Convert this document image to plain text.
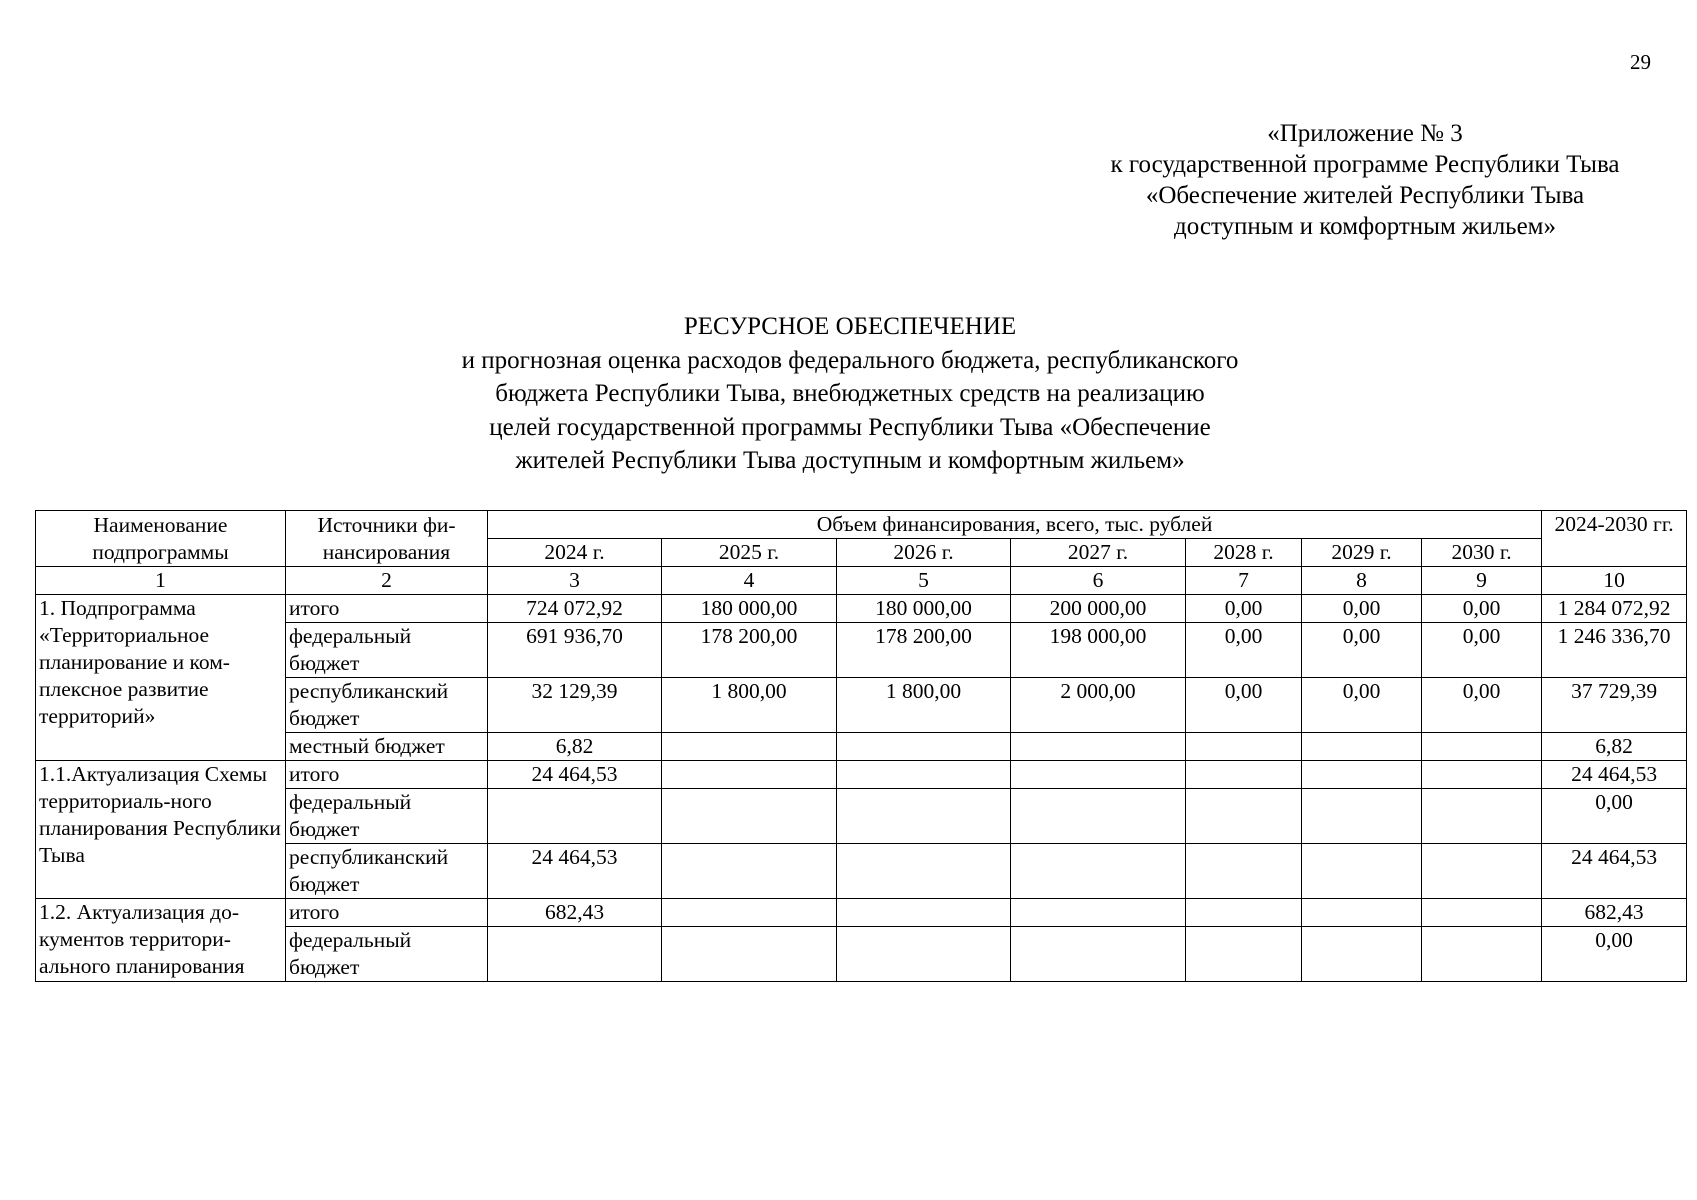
29
«Приложение № 3
к государственной программе Республики Тыва
«Обеспечение жителей Республики Тыва
доступным и комфортным жильем»
РЕСУРСНОЕ ОБЕСПЕЧЕНИЕ
и прогнозная оценка расходов федерального бюджета, республиканского
бюджета Республики Тыва, внебюджетных средств на реализацию
целей государственной программы Республики Тыва «Обеспечение
жителей Республики Тыва доступным и комфортным жильем»
Наименование подпрограммы	Источники фи-нансирования	Объем финансирования, всего, тыс. рублей							2024-2030 гг.
		2024 г.	2025 г.	2026 г.	2027 г.	2028 г.	2029 г.	2030 г.	
1	2	3	4	5	6	7	8	9	10
1. Подпрограмма «Территориальное планирование и ком-плексное развитие территорий»	итого	724 072,92	180 000,00	180 000,00	200 000,00	0,00	0,00	0,00	1 284 072,92
	федеральный бюджет	691 936,70	178 200,00	178 200,00	198 000,00	0,00	0,00	0,00	1 246 336,70
	республиканский бюджет	32 129,39	1 800,00	1 800,00	2 000,00	0,00	0,00	0,00	37 729,39
	местный бюджет	6,82							6,82
1.1.Актуализация Схемы территориаль-ного планирования Республики Тыва	итого	24 464,53							24 464,53
	федеральный бюджет								0,00
	республиканский бюджет	24 464,53							24 464,53
1.2. Актуализация до-кументов территори-ального планирования	итого	682,43							682,43
	федеральный бюджет								0,00
